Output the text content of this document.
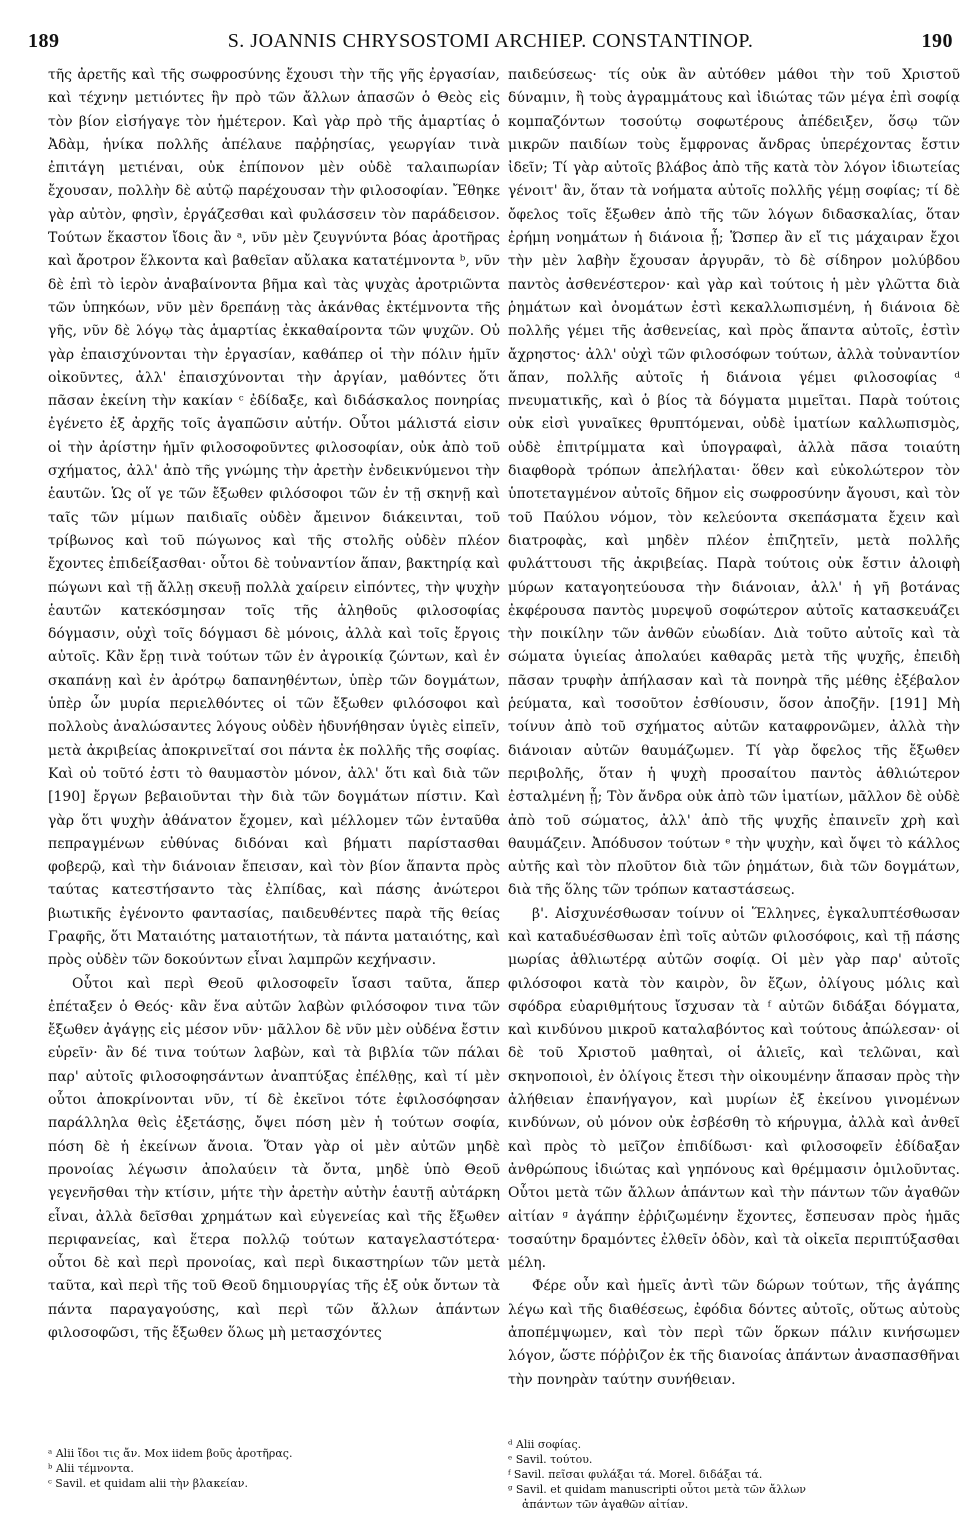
189	S. JOANNIS CHRYSOSTOMI ARCHIEP. CONSTANTINOP.	190

τῆς ἀρετῆς καὶ τῆς σωφροσύνης ἔχουσι τὴν τῆς γῆς ἐργασίαν, καὶ τέχνην μετιόντες ἣν πρὸ τῶν ἄλλων ἁπασῶν ὁ Θεὸς εἰς τὸν βίον εἰσήγαγε τὸν ἡμέτερον. Καὶ γὰρ πρὸ τῆς ἁμαρτίας ὁ Ἀδὰμ, ἡνίκα πολλῆς ἀπέλαυε παῤῥησίας, γεωργίαν τινὰ ἐπιτάγη μετιέναι, οὐκ ἐπίπονον μὲν οὐδὲ ταλαιπωρίαν ἔχουσαν, πολλὴν δὲ αὐτῷ παρέχουσαν τὴν φιλοσοφίαν. Ἔθηκε γὰρ αὐτὸν, φησὶν, ἐργάζεσθαι καὶ φυλάσσειν τὸν παράδεισον. Τούτων ἕκαστον ἴδοις ἂν ᵃ, νῦν μὲν ζευγνύντα βόας ἀροτῆρας καὶ ἄροτρον ἕλκοντα καὶ βαθεῖαν αὔλακα κατατέμνοντα ᵇ, νῦν δὲ ἐπὶ τὸ ἱερὸν ἀναβαίνοντα βῆμα καὶ τὰς ψυχὰς ἀροτριῶντα τῶν ὑπηκόων, νῦν μὲν δρεπάνῃ τὰς ἀκάνθας ἐκτέμνοντα τῆς γῆς, νῦν δὲ λόγῳ τὰς ἁμαρτίας ἐκκαθαίροντα τῶν ψυχῶν. Οὐ γὰρ ἐπαισχύνονται τὴν ἐργασίαν, καθάπερ οἱ τὴν πόλιν ἡμῖν οἰκοῦντες, ἀλλ' ἐπαισχύνονται τὴν ἀργίαν, μαθόντες ὅτι πᾶσαν ἐκείνη τὴν κακίαν ᶜ ἐδίδαξε, καὶ διδάσκαλος πονηρίας ἐγένετο ἐξ ἀρχῆς τοῖς ἀγαπῶσιν αὐτήν. Οὗτοι μάλιστά εἰσιν οἱ τὴν ἀρίστην ἡμῖν φιλοσοφοῦντες φιλοσοφίαν, οὐκ ἀπὸ τοῦ σχήματος, ἀλλ' ἀπὸ τῆς γνώμης τὴν ἀρετὴν ἐνδεικνύμενοι τὴν ἑαυτῶν. Ὡς οἵ γε τῶν ἔξωθεν φιλόσοφοι τῶν ἐν τῇ σκηνῇ καὶ ταῖς τῶν μίμων παιδιαῖς οὐδὲν ἄμεινον διάκεινται, τοῦ τρίβωνος καὶ τοῦ πώγωνος καὶ τῆς στολῆς οὐδὲν πλέον ἔχοντες ἐπιδείξασθαι· οὗτοι δὲ τοὐναντίον ἅπαν, βακτηρίᾳ καὶ πώγωνι καὶ τῇ ἄλλῃ σκευῇ πολλὰ χαίρειν εἰπόντες, τὴν ψυχὴν ἑαυτῶν κατεκόσμησαν τοῖς τῆς ἀληθοῦς φιλοσοφίας δόγμασιν, οὐχὶ τοῖς δόγμασι δὲ μόνοις, ἀλλὰ καὶ τοῖς ἔργοις αὐτοῖς. Κἂν ἔρῃ τινὰ τούτων τῶν ἐν ἀγροικίᾳ ζώντων, καὶ ἐν σκαπάνῃ καὶ ἐν ἀρότρῳ δαπανηθέντων, ὑπὲρ τῶν δογμάτων, ὑπὲρ ὧν μυρία περιελθόντες οἱ τῶν ἔξωθεν φιλόσοφοι καὶ πολλοὺς ἀναλώσαντες λόγους οὐδὲν ἠδυνήθησαν ὑγιὲς εἰπεῖν, μετὰ ἀκριβείας ἀποκρινεῖταί σοι πάντα ἐκ πολλῆς τῆς σοφίας. Καὶ οὐ τοῦτό ἐστι τὸ θαυμαστὸν μόνον, ἀλλ' ὅτι καὶ διὰ τῶν [190] ἔργων βεβαιοῦνται τὴν διὰ τῶν δογμάτων πίστιν. Καὶ γὰρ ὅτι ψυχὴν ἀθάνατον ἔχομεν, καὶ μέλλομεν τῶν ἐνταῦθα πεπραγμένων εὐθύνας διδόναι καὶ βήματι παρίστασθαι φοβερῷ, καὶ τὴν διάνοιαν ἔπεισαν, καὶ τὸν βίον ἅπαντα πρὸς ταύτας κατεστήσαντο τὰς ἐλπίδας, καὶ πάσης ἀνώτεροι βιωτικῆς ἐγένοντο φαντασίας, παιδευθέντες παρὰ τῆς θείας Γραφῆς, ὅτι Ματαιότης ματαιοτήτων, τὰ πάντα ματαιότης, καὶ πρὸς οὐδὲν τῶν δοκούντων εἶναι λαμπρῶν κεχήνασιν.

Οὗτοι καὶ περὶ Θεοῦ φιλοσοφεῖν ἴσασι ταῦτα, ἅπερ ἐπέταξεν ὁ Θεός· κἂν ἕνα αὐτῶν λαβὼν φιλόσοφον τινα τῶν ἔξωθεν ἀγάγῃς εἰς μέσον νῦν· μᾶλλον δὲ νῦν μὲν οὐδένα ἔστιν εὑρεῖν· ἂν δέ τινα τούτων λαβὼν, καὶ τὰ βιβλία τῶν πάλαι παρ' αὐτοῖς φιλοσοφησάντων ἀναπτύξας ἐπέλθῃς, καὶ τί μὲν οὗτοι ἀποκρίνονται νῦν, τί δὲ ἐκεῖνοι τότε ἐφιλοσόφησαν παράλληλα θεὶς ἐξετάσῃς, ὄψει πόση μὲν ἡ τούτων σοφία, πόση δὲ ἡ ἐκείνων ἄνοια. Ὅταν γὰρ οἱ μὲν αὐτῶν μηδὲ προνοίας λέγωσιν ἀπολαύειν τὰ ὄντα, μηδὲ ὑπὸ Θεοῦ γεγενῆσθαι τὴν κτίσιν, μήτε τὴν ἀρετὴν αὐτὴν ἑαυτῇ αὐτάρκη εἶναι, ἀλλὰ δεῖσθαι χρημάτων καὶ εὐγενείας καὶ τῆς ἔξωθεν περιφανείας, καὶ ἕτερα πολλῷ τούτων καταγελαστότερα· οὗτοι δὲ καὶ περὶ προνοίας, καὶ περὶ δικαστηρίων τῶν μετὰ ταῦτα, καὶ περὶ τῆς τοῦ Θεοῦ δημιουργίας τῆς ἐξ οὐκ ὄντων τὰ πάντα παραγαγούσης, καὶ περὶ τῶν ἄλλων ἁπάντων φιλοσοφῶσι, τῆς ἔξωθεν ὅλως μὴ μετασχόντες

παιδεύσεως· τίς οὐκ ἂν αὐτόθεν μάθοι τὴν τοῦ Χριστοῦ δύναμιν, ἢ τοὺς ἀγραμμάτους καὶ ἰδιώτας τῶν μέγα ἐπὶ σοφίᾳ κομπαζόντων τοσούτῳ σοφωτέρους ἀπέδειξεν, ὅσῳ τῶν μικρῶν παιδίων τοὺς ἔμφρονας ἄνδρας ὑπερέχοντας ἔστιν ἰδεῖν; Τί γὰρ αὐτοῖς βλάβος ἀπὸ τῆς κατὰ τὸν λόγον ἰδιωτείας γένοιτ' ἂν, ὅταν τὰ νοήματα αὐτοῖς πολλῆς γέμῃ σοφίας; τί δὲ ὄφελος τοῖς ἔξωθεν ἀπὸ τῆς τῶν λόγων διδασκαλίας, ὅταν ἐρήμη νοημάτων ἡ διάνοια ᾖ; Ὥσπερ ἂν εἴ τις μάχαιραν ἔχοι τὴν μὲν λαβὴν ἔχουσαν ἀργυρᾶν, τὸ δὲ σίδηρον μολύβδου παντὸς ἀσθενέστερον· καὶ γὰρ καὶ τούτοις ἡ μὲν γλῶττα διὰ ῥημάτων καὶ ὀνομάτων ἐστὶ κεκαλλωπισμένη, ἡ διάνοια δὲ πολλῆς γέμει τῆς ἀσθενείας, καὶ πρὸς ἅπαντα αὐτοῖς, ἐστὶν ἄχρηστος· ἀλλ' οὐχὶ τῶν φιλοσόφων τούτων, ἀλλὰ τοὐναντίον ἅπαν, πολλῆς αὐτοῖς ἡ διάνοια γέμει φιλοσοφίας ᵈ πνευματικῆς, καὶ ὁ βίος τὰ δόγματα μιμεῖται. Παρὰ τούτοις οὐκ εἰσὶ γυναῖκες θρυπτόμεναι, οὐδὲ ἱματίων καλλωπισμὸς, οὐδὲ ἐπιτρίμματα καὶ ὑπογραφαὶ, ἀλλὰ πᾶσα τοιαύτη διαφθορὰ τρόπων ἀπελήλαται· ὅθεν καὶ εὐκολώτερον τὸν ὑποτεταγμένον αὐτοῖς δῆμον εἰς σωφροσύνην ἄγουσι, καὶ τὸν τοῦ Παύλου νόμον, τὸν κελεύοντα σκεπάσματα ἔχειν καὶ διατροφὰς, καὶ μηδὲν πλέον ἐπιζητεῖν, μετὰ πολλῆς φυλάττουσι τῆς ἀκριβείας. Παρὰ τούτοις οὐκ ἔστιν ἀλοιφὴ μύρων καταγοητεύουσα τὴν διάνοιαν, ἀλλ' ἡ γῆ βοτάνας ἐκφέρουσα παντὸς μυρεψοῦ σοφώτερον αὐτοῖς κατασκευάζει τὴν ποικίλην τῶν ἀνθῶν εὐωδίαν. Διὰ τοῦτο αὐτοῖς καὶ τὰ σώματα ὑγιείας ἀπολαύει καθαρᾶς μετὰ τῆς ψυχῆς, ἐπειδὴ πᾶσαν τρυφὴν ἀπήλασαν καὶ τὰ πονηρὰ τῆς μέθης ἐξέβαλον ῥεύματα, καὶ τοσοῦτον ἐσθίουσιν, ὅσον ἀποζῆν. [191] Μὴ τοίνυν ἀπὸ τοῦ σχήματος αὐτῶν καταφρονῶμεν, ἀλλὰ τὴν διάνοιαν αὐτῶν θαυμάζωμεν. Τί γὰρ ὄφελος τῆς ἔξωθεν περιβολῆς, ὅταν ἡ ψυχὴ προσαίτου παντὸς ἀθλιώτερον ἐσταλμένη ᾖ; Τὸν ἄνδρα οὐκ ἀπὸ τῶν ἱματίων, μᾶλλον δὲ οὐδὲ ἀπὸ τοῦ σώματος, ἀλλ' ἀπὸ τῆς ψυχῆς ἐπαινεῖν χρὴ καὶ θαυμάζειν. Ἀπόδυσον τούτων ᵉ τὴν ψυχὴν, καὶ ὄψει τὸ κάλλος αὐτῆς καὶ τὸν πλοῦτον διὰ τῶν ῥημάτων, διὰ τῶν δογμάτων, διὰ τῆς ὅλης τῶν τρόπων καταστάσεως.

β'. Αἰσχυνέσθωσαν τοίνυν οἱ Ἕλληνες, ἐγκαλυπτέσθωσαν καὶ καταδυέσθωσαν ἐπὶ τοῖς αὐτῶν φιλοσόφοις, καὶ τῇ πάσης μωρίας ἀθλιωτέρᾳ αὐτῶν σοφίᾳ. Οἱ μὲν γὰρ παρ' αὐτοῖς φιλόσοφοι κατὰ τὸν καιρὸν, ὃν ἔζων, ὀλίγους μόλις καὶ σφόδρα εὐαριθμήτους ἴσχυσαν τὰ ᶠ αὐτῶν διδάξαι δόγματα, καὶ κινδύνου μικροῦ καταλαβόντος καὶ τούτους ἀπώλεσαν· οἱ δὲ τοῦ Χριστοῦ μαθηταὶ, οἱ ἁλιεῖς, καὶ τελῶναι, καὶ σκηνοποιοὶ, ἐν ὀλίγοις ἔτεσι τὴν οἰκουμένην ἅπασαν πρὸς τὴν ἀλήθειαν ἐπανήγαγον, καὶ μυρίων ἐξ ἐκείνου γινομένων κινδύνων, οὐ μόνον οὐκ ἐσβέσθη τὸ κήρυγμα, ἀλλὰ καὶ ἀνθεῖ καὶ πρὸς τὸ μεῖζον ἐπιδίδωσι· καὶ φιλοσοφεῖν ἐδίδαξαν ἀνθρώπους ἰδιώτας καὶ γηπόνους καὶ θρέμμασιν ὁμιλοῦντας. Οὗτοι μετὰ τῶν ἄλλων ἁπάντων καὶ τὴν πάντων τῶν ἀγαθῶν αἰτίαν ᵍ ἀγάπην ἐῤῥιζωμένην ἔχοντες, ἔσπευσαν πρὸς ἡμᾶς τοσαύτην δραμόντες ἐλθεῖν ὁδὸν, καὶ τὰ οἰκεῖα περιπτύξασθαι μέλη.

Φέρε οὖν καὶ ἡμεῖς ἀντὶ τῶν δώρων τούτων, τῆς ἀγάπης λέγω καὶ τῆς διαθέσεως, ἐφόδια δόντες αὐτοῖς, οὕτως αὐτοὺς ἀποπέμψωμεν, καὶ τὸν περὶ τῶν ὅρκων πάλιν κινήσωμεν λόγον, ὥστε πόῤῥιζον ἐκ τῆς διανοίας ἁπάντων ἀνασπασθῆναι τὴν πονηρὰν ταύτην συνήθειαν.

ᵃ Alii ἴδοι τις ἄν. Mox iidem βοῦς ἀροτῆρας.
ᵇ Alii τέμνοντα.
ᶜ Savil. et quidam alii τὴν βλακείαν.
ᵈ Alii σοφίας.
ᵉ Savil. τούτου.
ᶠ Savil. πεῖσαι φυλάξαι τά. Morel. διδάξαι τά.
ᵍ Savil. et quidam manuscripti οὗτοι μετὰ τῶν ἄλλων
ἁπάντων τῶν ἀγαθῶν αἰτίαν.
